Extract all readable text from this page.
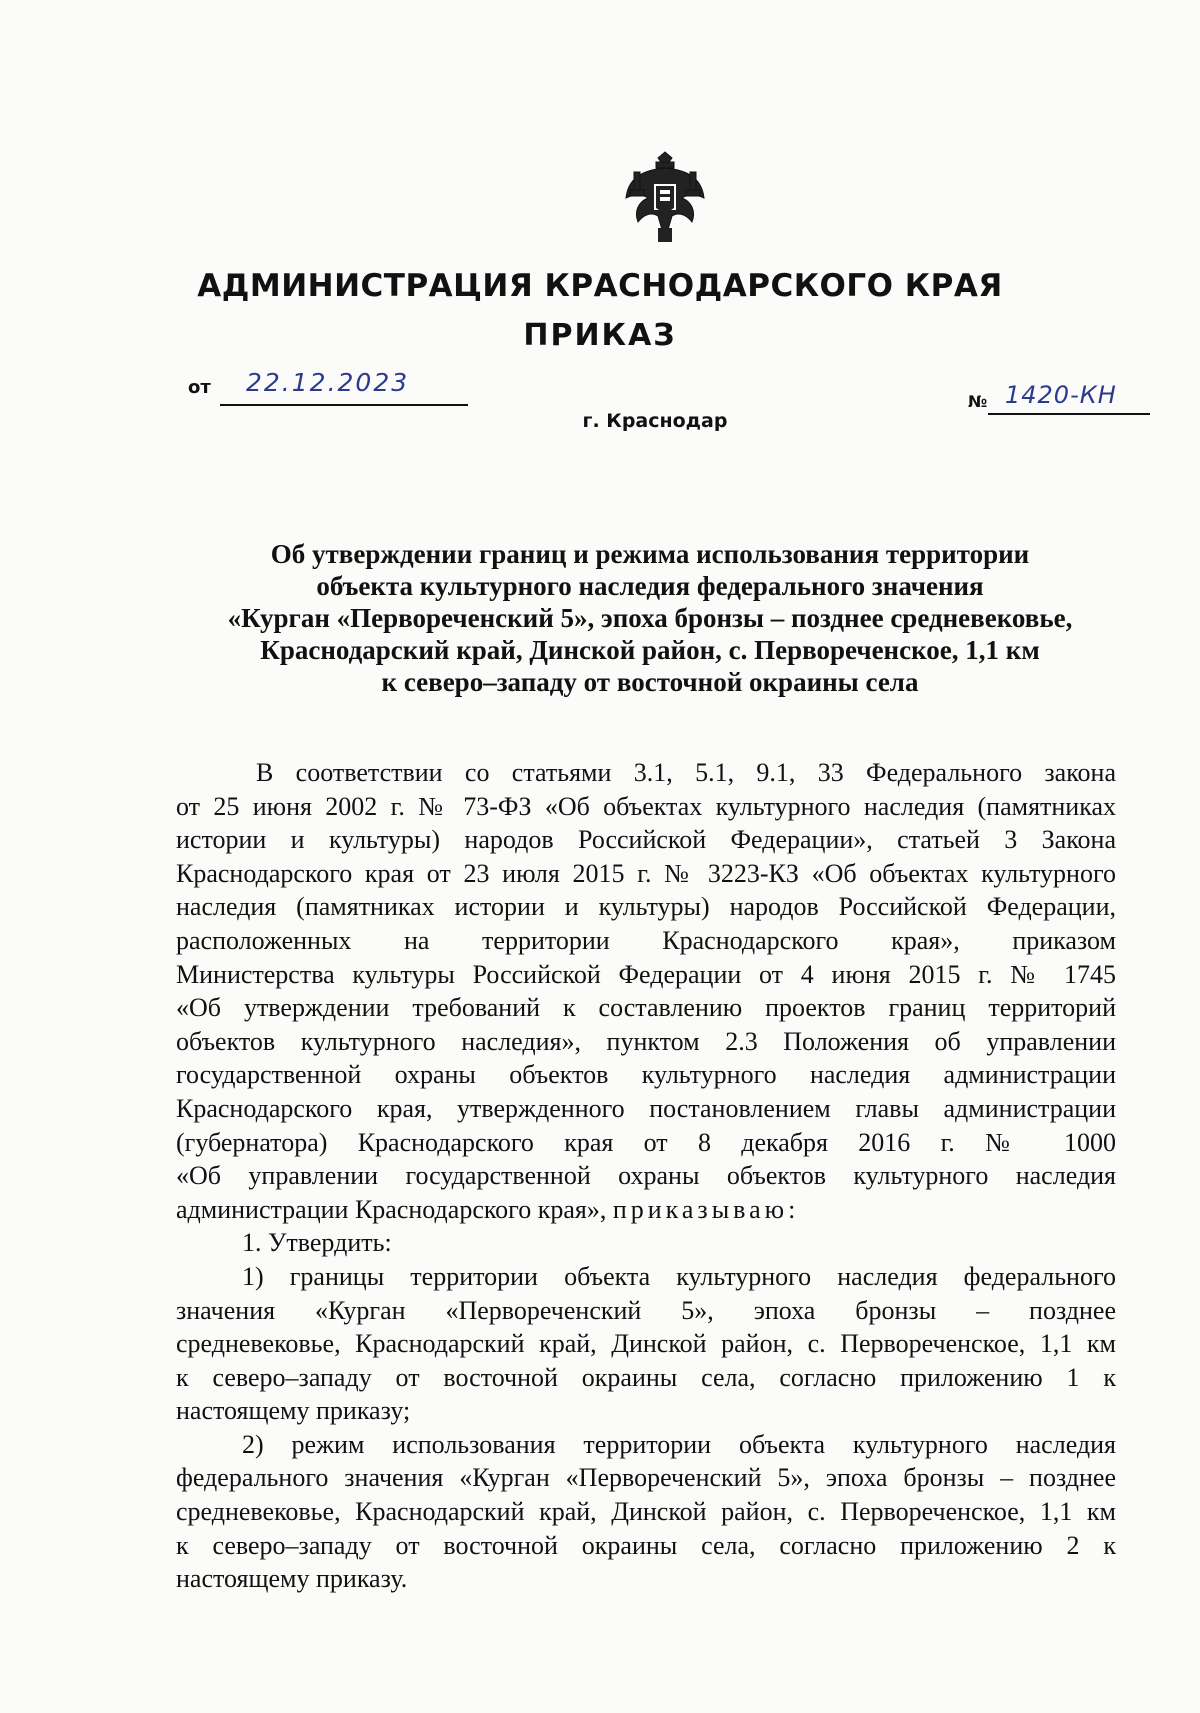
АДМИНИСТРАЦИЯ КРАСНОДАРСКОГО КРАЯ
ПРИКАЗ
от 22.12.2023
№ 1420-КН
г. Краснодар
Об утверждении границ и режима использования территории
объекта культурного наследия федерального значения
«Курган «Первореченский 5», эпоха бронзы – позднее средневековье,
Краснодарский край, Динской район, с. Первореченское, 1,1 км
к северо–западу от восточной окраины села
В соответствии со статьями 3.1, 5.1, 9.1, 33 Федерального закона
от 25 июня 2002 г. № 73-ФЗ «Об объектах культурного наследия (памятниках
истории и культуры) народов Российской Федерации», статьей 3 Закона
Краснодарского края от 23 июля 2015 г. № 3223-КЗ «Об объектах культурного
наследия (памятниках истории и культуры) народов Российской Федерации,
расположенных на территории Краснодарского края», приказом
Министерства культуры Российской Федерации от 4 июня 2015 г. № 1745
«Об утверждении требований к составлению проектов границ территорий
объектов культурного наследия», пунктом 2.3 Положения об управлении
государственной охраны объектов культурного наследия администрации
Краснодарского края, утвержденного постановлением главы администрации
(губернатора) Краснодарского края от 8 декабря 2016 г. № 1000
«Об управлении государственной охраны объектов культурного наследия
администрации Краснодарского края», приказываю:
1. Утвердить:
1) границы территории объекта культурного наследия федерального
значения «Курган «Первореченский 5», эпоха бронзы – позднее
средневековье, Краснодарский край, Динской район, с. Первореченское, 1,1 км
к северо–западу от восточной окраины села, согласно приложению 1 к
настоящему приказу;
2) режим использования территории объекта культурного наследия
федерального значения «Курган «Первореченский 5», эпоха бронзы – позднее
средневековье, Краснодарский край, Динской район, с. Первореченское, 1,1 км
к северо–западу от восточной окраины села, согласно приложению 2 к
настоящему приказу.
